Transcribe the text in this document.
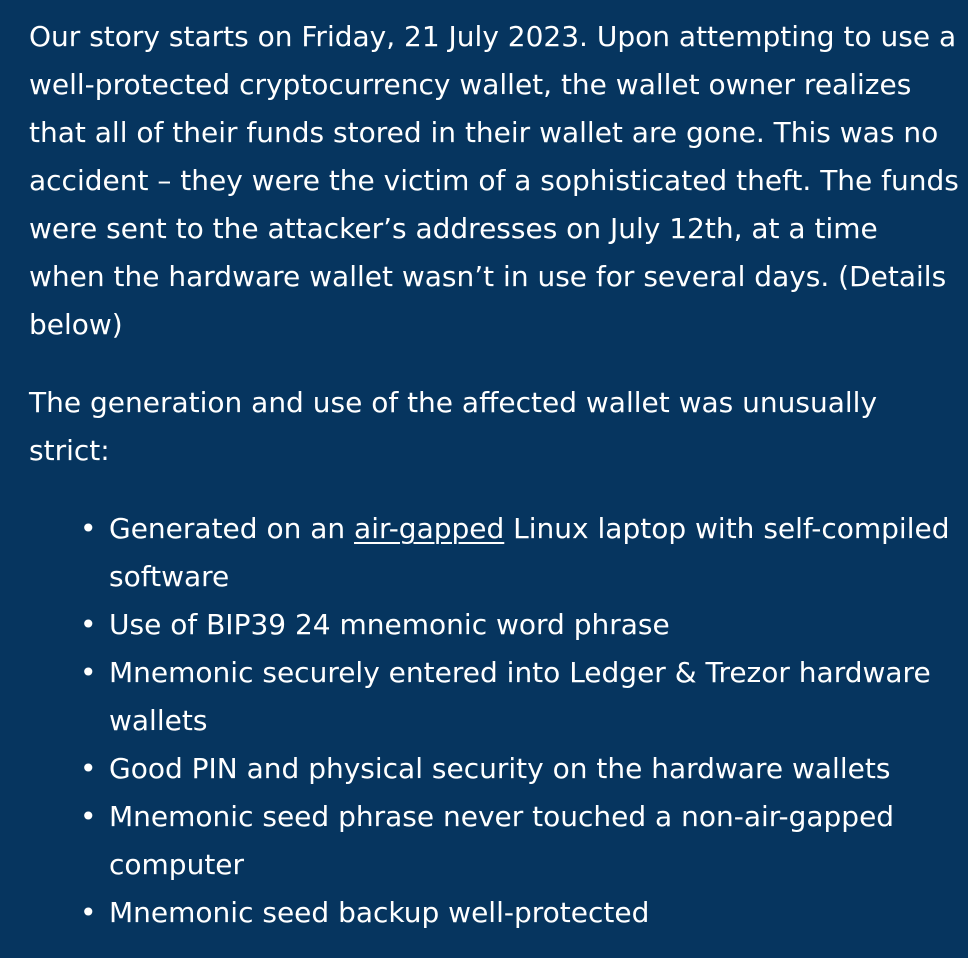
Our story starts on Friday, 21 July 2023. Upon attempting to use a well-protected cryptocurrency wallet, the wallet owner realizes that all of their funds stored in their wallet are gone. This was no accident – they were the victim of a sophisticated theft. The funds were sent to the attacker’s addresses on July 12th, at a time when the hardware wallet wasn’t in use for several days. (Details below)

The generation and use of the affected wallet was unusually strict:

• Generated on an air-gapped Linux laptop with self-compiled software
• Use of BIP39 24 mnemonic word phrase
• Mnemonic securely entered into Ledger & Trezor hardware wallets
• Good PIN and physical security on the hardware wallets
• Mnemonic seed phrase never touched a non-air-gapped computer
• Mnemonic seed backup well-protected
